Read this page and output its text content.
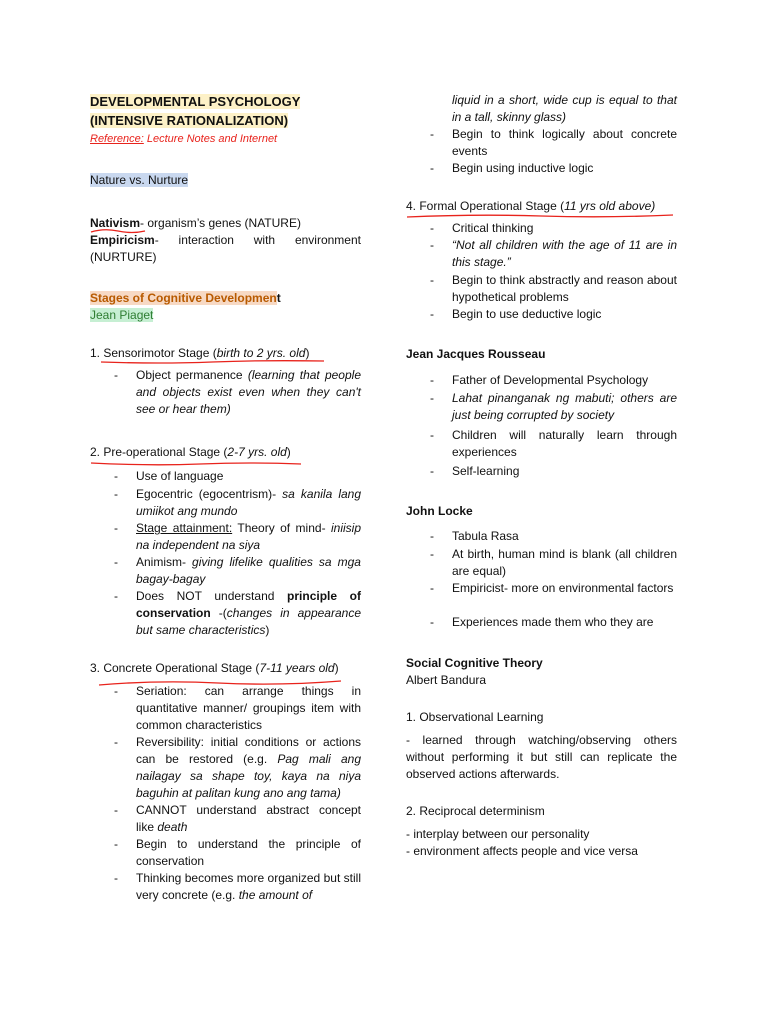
DEVELOPMENTAL PSYCHOLOGY
(INTENSIVE RATIONALIZATION)
Reference: Lecture Notes and Internet
Nature vs. Nurture
Nativism- organism’s genes (NATURE)
Empiricism- interaction with environment (NURTURE)
Stages of Cognitive Development
Jean Piaget
1. Sensorimotor Stage (birth to 2 yrs. old)
- Object permanence (learning that people and objects exist even when they can't see or hear them)
2. Pre-operational Stage (2-7 yrs. old)
- Use of language
- Egocentric (egocentrism)- sa kanila lang umiikot ang mundo
- Stage attainment: Theory of mind- iniisip na independent na siya
- Animism- giving lifelike qualities sa mga bagay-bagay
- Does NOT understand principle of conservation -(changes in appearance but same characteristics)
3. Concrete Operational Stage (7-11 years old)
- Seriation: can arrange things in quantitative manner/ groupings item with common characteristics
- Reversibility: initial conditions or actions can be restored (e.g. Pag mali ang nailagay sa shape toy, kaya na niya baguhin at palitan kung ano ang tama)
- CANNOT understand abstract concept like death
- Begin to understand the principle of conservation
- Thinking becomes more organized but still very concrete (e.g. the amount of
liquid in a short, wide cup is equal to that in a tall, skinny glass)
- Begin to think logically about concrete events
- Begin using inductive logic
4. Formal Operational Stage (11 yrs old above)
- Critical thinking
- “Not all children with the age of 11 are in this stage.”
- Begin to think abstractly and reason about hypothetical problems
- Begin to use deductive logic
Jean Jacques Rousseau
- Father of Developmental Psychology
- Lahat pinanganak ng mabuti; others are just being corrupted by society
- Children will naturally learn through experiences
- Self-learning
John Locke
- Tabula Rasa
- At birth, human mind is blank (all children are equal)
- Empiricist- more on environmental factors
- Experiences made them who they are
Social Cognitive Theory
Albert Bandura
1. Observational Learning
- learned through watching/observing others without performing it but still can replicate the observed actions afterwards.
2. Reciprocal determinism
- interplay between our personality
- environment affects people and vice versa
